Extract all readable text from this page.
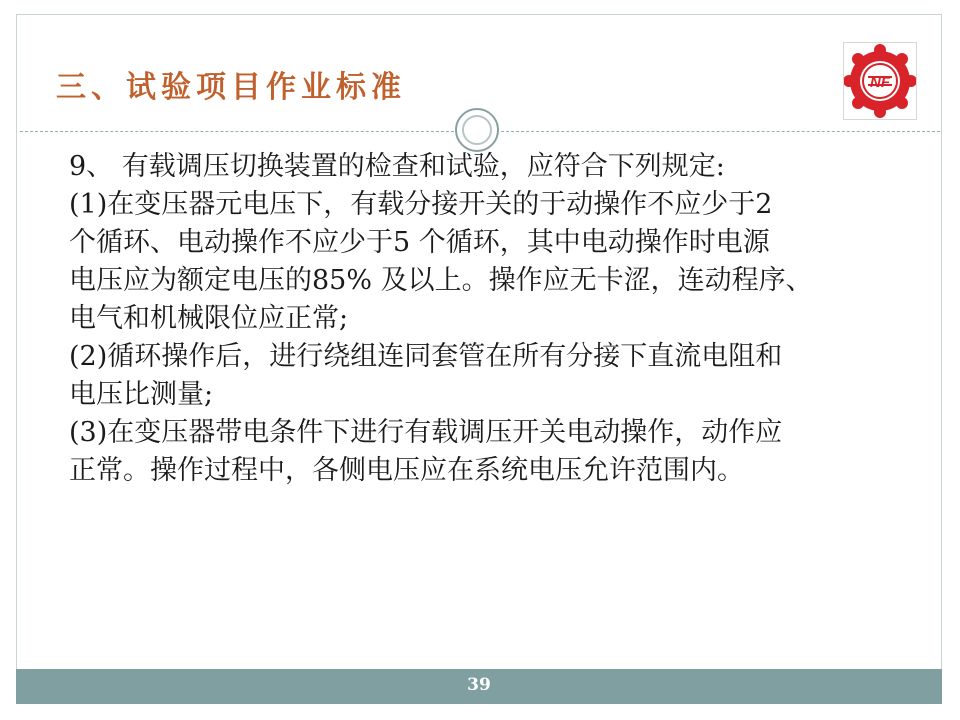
三、试验项目作业标准	NF
9、 有载调压切换装置的检查和试验，应符合下列规定:
(1)在变压器元电压下，有载分接开关的于动操作不应少于2
个循环、电动操作不应少于5 个循环，其中电动操作时电源
电压应为额定电压的85% 及以上。操作应无卡涩，连动程序、
电气和机械限位应正常;
(2)循环操作后，进行绕组连同套管在所有分接下直流电阻和
电压比测量;
(3)在变压器带电条件下进行有载调压开关电动操作，动作应
正常。操作过程中，各侧电压应在系统电压允许范围内。
39
